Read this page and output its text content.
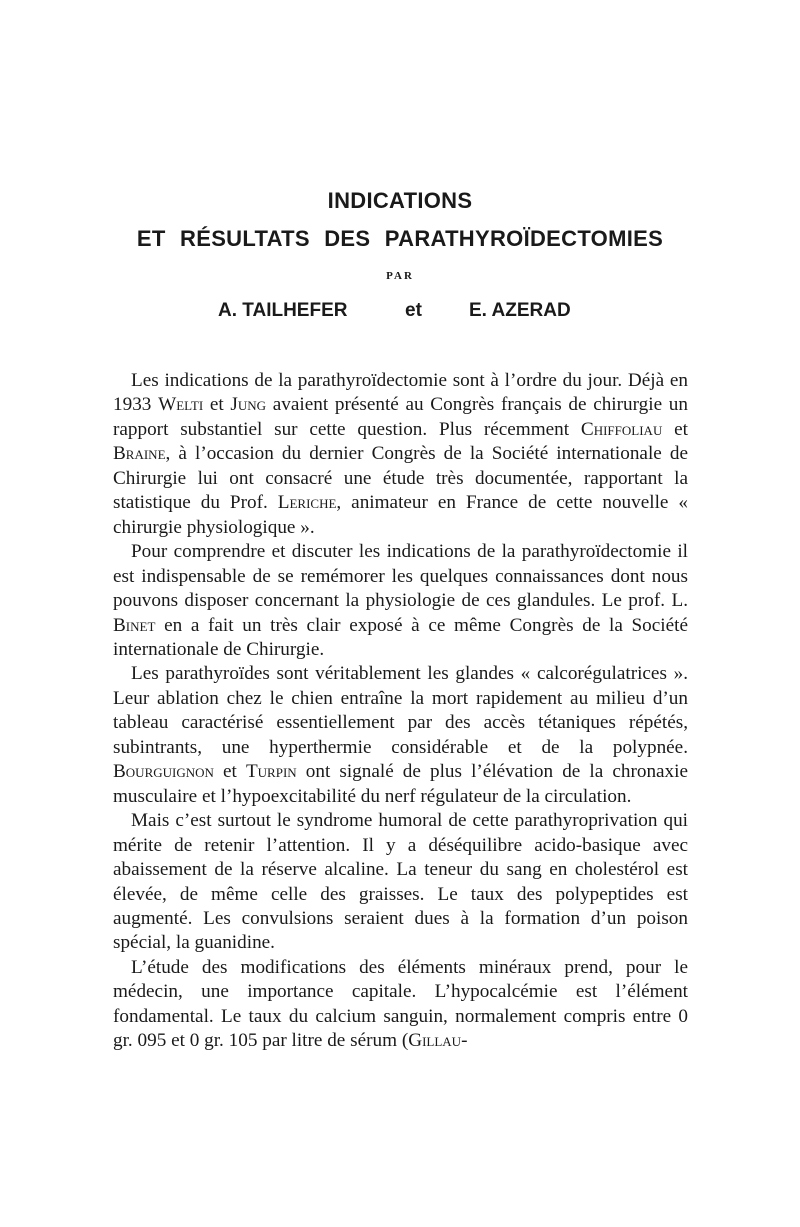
INDICATIONS
ET RÉSULTATS DES PARATHYROÏDECTOMIES
PAR
A. TAILHEFER	et E. AZERAD

Les indications de la parathyroïdectomie sont à l’ordre du jour. Déjà en 1933 Welti et Jung avaient présenté au Congrès français de chirurgie un rapport substantiel sur cette question. Plus récemment Chiffoliau et Braine, à l’occasion du dernier Congrès de la Société internationale de Chirurgie lui ont consacré une étude très documentée, rapportant la statistique du Prof. Leriche, animateur en France de cette nouvelle « chirurgie physiologique ».

Pour comprendre et discuter les indications de la parathyroïdectomie il est indispensable de se remémorer les quelques connaissances dont nous pouvons disposer concernant la physiologie de ces glandules. Le prof. L. Binet en a fait un très clair exposé à ce même Congrès de la Société internationale de Chirurgie.

Les parathyroïdes sont véritablement les glandes « calcorégulatrices ». Leur ablation chez le chien entraîne la mort rapidement au milieu d’un tableau caractérisé essentiellement par des accès tétaniques répétés, subintrants, une hyperthermie considérable et de la polypnée. Bourguignon et Turpin ont signalé de plus l’élévation de la chronaxie musculaire et l’hypoexcitabilité du nerf régulateur de la circulation.

Mais c’est surtout le syndrome humoral de cette parathyroprivation qui mérite de retenir l’attention. Il y a déséquilibre acido-basique avec abaissement de la réserve alcaline. La teneur du sang en cholestérol est élevée, de même celle des graisses. Le taux des polypeptides est augmenté. Les convulsions seraient dues à la formation d’un poison spécial, la guanidine.

L’étude des modifications des éléments minéraux prend, pour le médecin, une importance capitale. L’hypocalcémie est l’élément fondamental. Le taux du calcium sanguin, normalement compris entre 0 gr. 095 et 0 gr. 105 par litre de sérum (Gillau-
